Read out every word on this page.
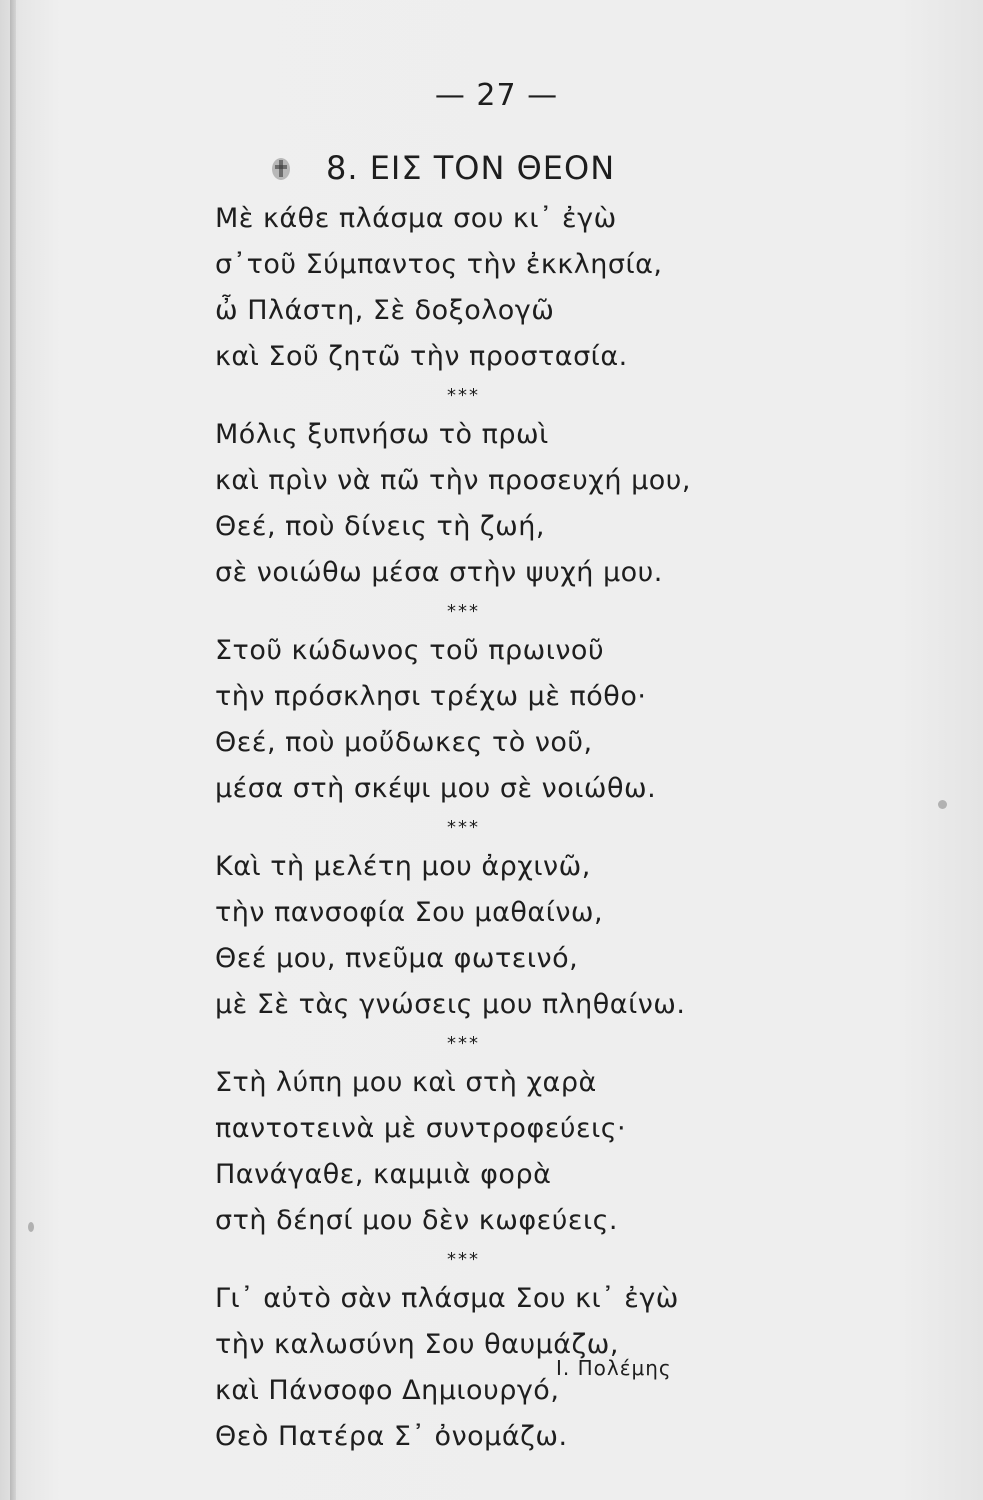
— 27 —
8. ΕΙΣ ΤΟΝ ΘΕΟΝ
Μὲ κάθε πλάσμα σου κι᾽ ἐγὼ
σ᾽τοῦ Σύμπαντος τὴν ἐκκλησία,
ὦ Πλάστη, Σὲ δοξολογῶ
καὶ Σοῦ ζητῶ τὴν προστασία.
***
Μόλις ξυπνήσω τὸ πρωὶ
καὶ πρὶν νὰ πῶ τὴν προσευχή μου,
Θεέ, ποὺ δίνεις τὴ ζωή,
σὲ νοιώθω μέσα στὴν ψυχή μου.
***
Στοῦ κώδωνος τοῦ πρωινοῦ
τὴν πρόσκλησι τρέχω μὲ πόθο·
Θεέ, ποὺ μοὔδωκες τὸ νοῦ,
μέσα στὴ σκέψι μου σὲ νοιώθω.
***
Καὶ τὴ μελέτη μου ἀρχινῶ,
τὴν πανσοφία Σου μαθαίνω,
Θεέ μου, πνεῦμα φωτεινό,
μὲ Σὲ τὰς γνώσεις μου πληθαίνω.
***
Στὴ λύπη μου καὶ στὴ χαρὰ
παντοτεινὰ μὲ συντροφεύεις·
Πανάγαθε, καμμιὰ φορὰ
στὴ δέησί μου δὲν κωφεύεις.
***
Γι᾽ αὐτὸ σὰν πλάσμα Σου κι᾽ ἐγὼ
τὴν καλωσύνη Σου θαυμάζω,
καὶ Πάνσοφο Δημιουργό,
Θεὸ Πατέρα Σ᾽ ὀνομάζω.
Ι. Πολέμης
